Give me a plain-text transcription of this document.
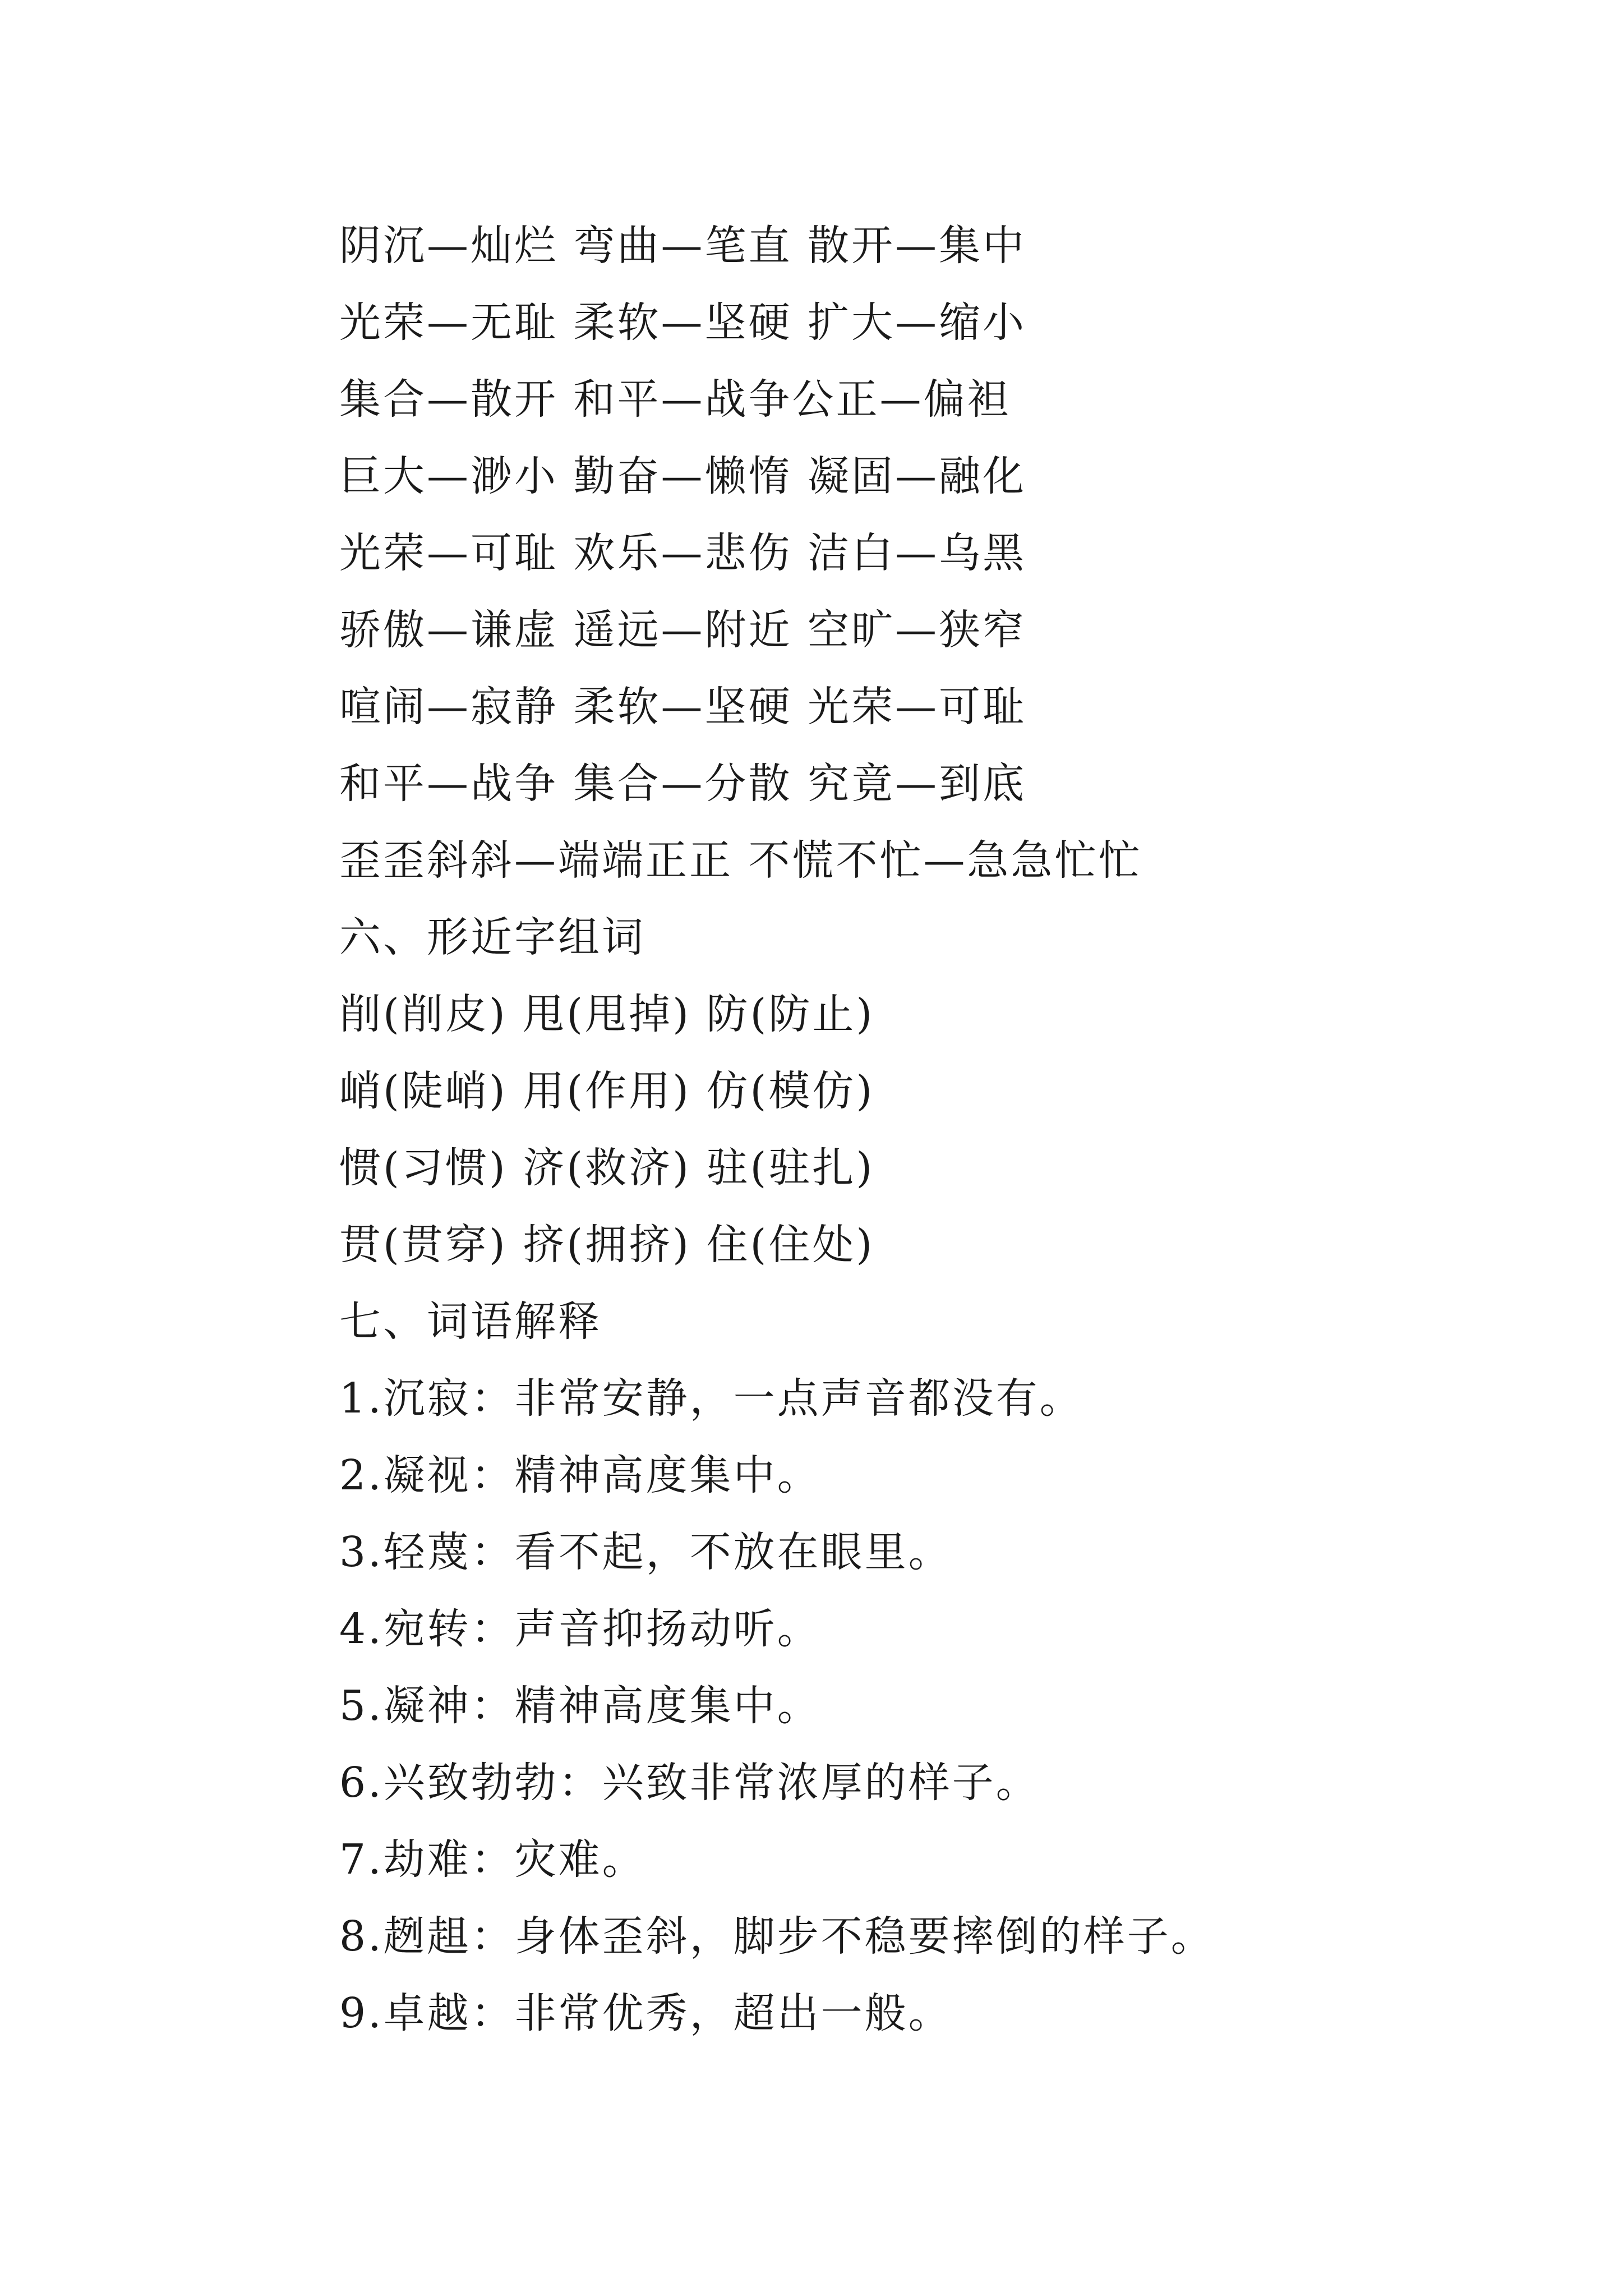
阴沉—灿烂 弯曲—笔直 散开—集中
光荣—无耻 柔软—坚硬 扩大—缩小
集合—散开 和平—战争公正—偏袒
巨大—渺小 勤奋—懒惰 凝固—融化
光荣—可耻 欢乐—悲伤 洁白—乌黑
骄傲—谦虚 遥远—附近 空旷—狭窄
喧闹—寂静 柔软—坚硬 光荣—可耻
和平—战争 集合—分散 究竟—到底
歪歪斜斜—端端正正 不慌不忙—急急忙忙
六、形近字组词
削(削皮) 甩(甩掉) 防(防止)
峭(陡峭) 用(作用) 仿(模仿)
惯(习惯) 济(救济) 驻(驻扎)
贯(贯穿) 挤(拥挤) 住(住处)
七、词语解释
1.沉寂：非常安静，一点声音都没有。
2.凝视：精神高度集中。
3.轻蔑：看不起，不放在眼里。
4.宛转：声音抑扬动听。
5.凝神：精神高度集中。
6.兴致勃勃：兴致非常浓厚的样子。
7.劫难：灾难。
8.趔趄：身体歪斜，脚步不稳要摔倒的样子。
9.卓越：非常优秀，超出一般。
